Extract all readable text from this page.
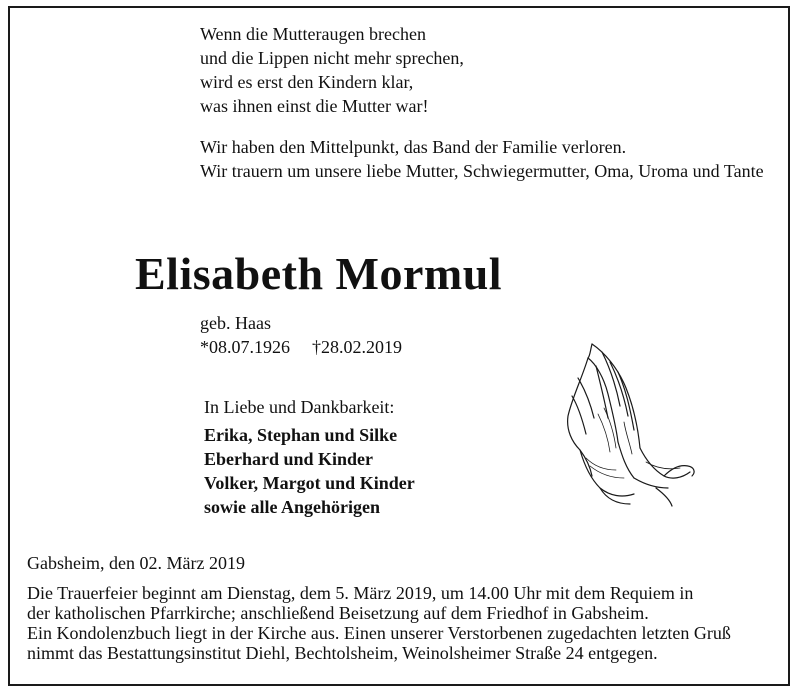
Wenn die Mutteraugen brechen
und die Lippen nicht mehr sprechen,
wird es erst den Kindern klar,
was ihnen einst die Mutter war!

Wir haben den Mittelpunkt, das Band der Familie verloren.

Wir trauern um unsere liebe Mutter, Schwiegermutter, Oma, Uroma und Tante

Elisabeth Mormul
geb. Haas
*08.07.1926 †28.02.2019
In Liebe und Dankbarkeit:
Erika, Stephan und Silke
Eberhard und Kinder
Volker, Margot und Kinder
sowie alle Angehörigen
Gabsheim, den 02. März 2019
Die Trauerfeier beginnt am Dienstag, dem 5. März 2019, um 14.00 Uhr mit dem Requiem in
der katholischen Pfarrkirche; anschließend Beisetzung auf dem Friedhof in Gabsheim.
Ein Kondolenzbuch liegt in der Kirche aus. Einen unserer Verstorbenen zugedachten letzten Gruß
nimmt das Bestattungsinstitut Diehl, Bechtolsheim, Weinolsheimer Straße 24 entgegen.
